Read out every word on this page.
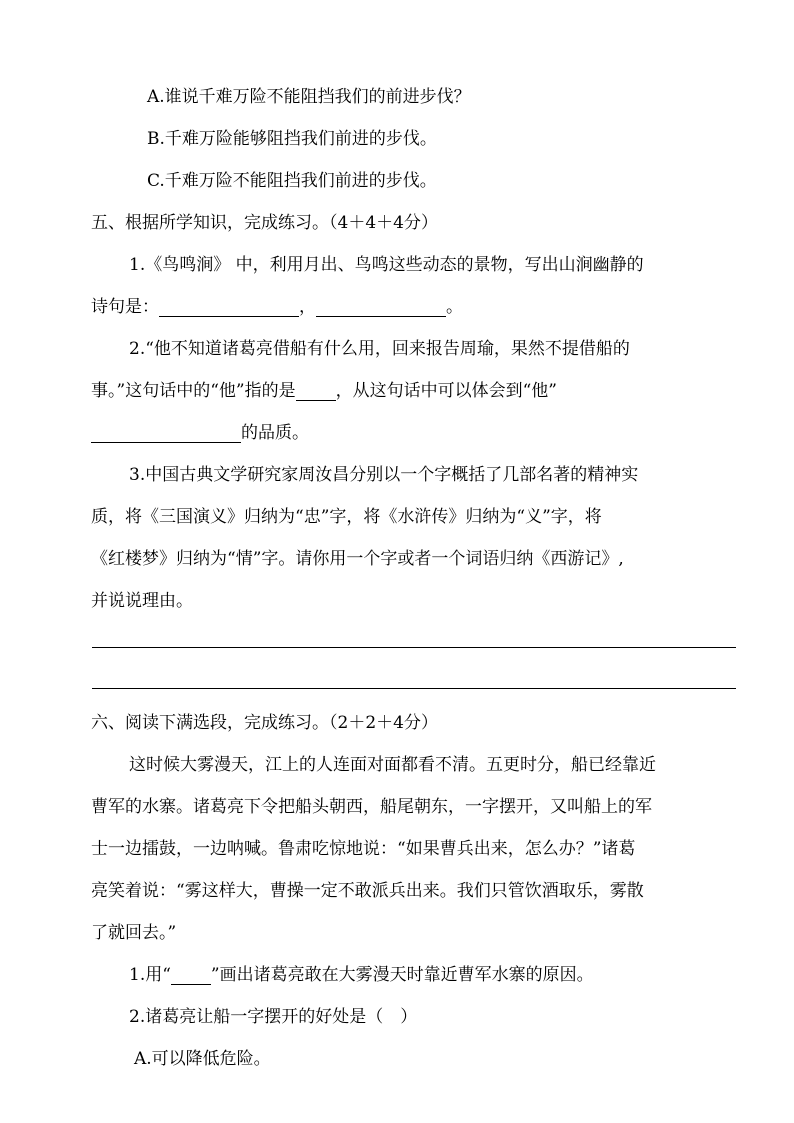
A.谁说千难万险不能阻挡我们的前进步伐？
B.千难万险能够阻挡我们前进的步伐。
C.千难万险不能阻挡我们前进的步伐。
五、根据所学知识，完成练习。（4＋4＋4分）
1.《鸟鸣涧》 中，利用月出、鸟鸣这些动态的景物，写出山涧幽静的
诗句是：	，	。
2.“他不知道诸葛亮借船有什么用，回来报告周瑜，果然不提借船的
事。”这句话中的“他”指的是 ，从这句话中可以体会到“他”
的品质。
3.中国古典文学研究家周汝昌分别以一个字概括了几部名著的精神实
质，将《三国演义》归纳为“忠”字，将《水浒传》归纳为“义”字，将
《红楼梦》归纳为“情”字。请你用一个字或者一个词语归纳《西游记》,
并说说理由。
六、阅读下满选段，完成练习。（2＋2＋4分）
这时候大雾漫天，江上的人连面对面都看不清。五更时分，船已经靠近
曹军的水寨。诸葛亮下令把船头朝西，船尾朝东，一字摆开，又叫船上的军
士一边擂鼓，一边呐喊。鲁肃吃惊地说：“如果曹兵出来，怎么办？”诸葛
亮笑着说：“雾这样大，曹操一定不敢派兵出来。我们只管饮酒取乐，雾散
了就回去。”
1.用“ ”画出诸葛亮敢在大雾漫天时靠近曹军水寨的原因。
2.诸葛亮让船一字摆开的好处是（　）
A.可以降低危险。
